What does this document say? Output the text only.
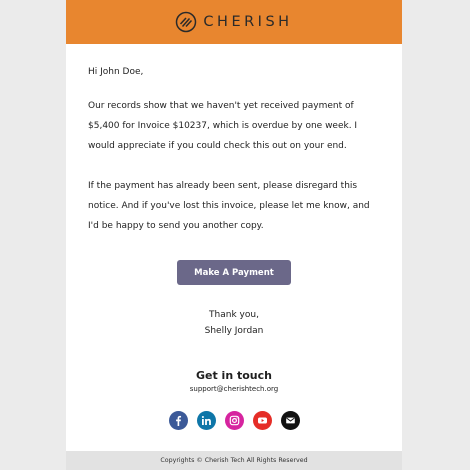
CHERISH

Hi John Doe,

Our records show that we haven't yet received payment of $5,400 for Invoice $10237, which is overdue by one week. I would appreciate if you could check this out on your end.

If the payment has already been sent, please disregard this notice. And if you've lost this invoice, please let me know, and I'd be happy to send you another copy.

Make A Payment
Thank you,
Shelly Jordan
Get in touch
support@cherishtech.org
Copyrights © Cherish Tech All Rights Reserved
